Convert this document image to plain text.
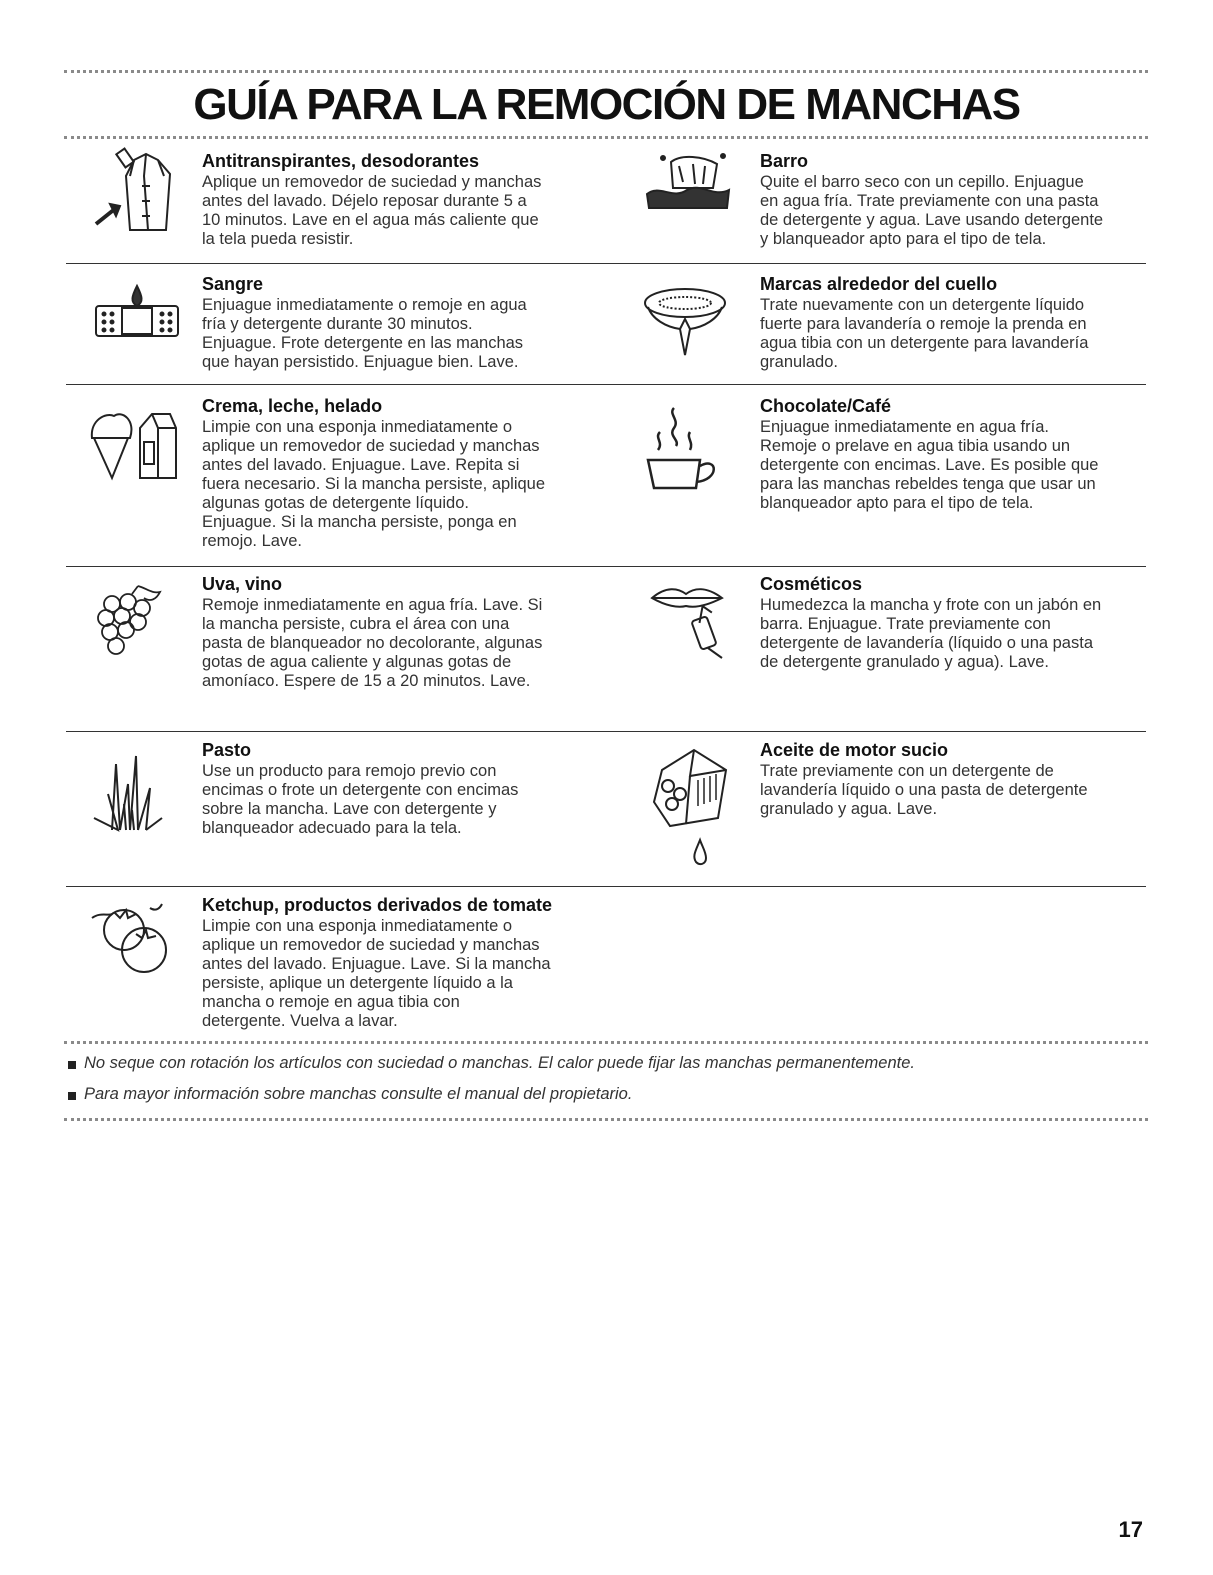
GUÍA PARA LA REMOCIÓN DE MANCHAS
Antitranspirantes, desodorantes

Aplique un removedor de suciedad y manchas
antes del lavado. Déjelo reposar durante 5 a
10 minutos. Lave en el agua más caliente que
la tela pueda resistir.

Barro

Quite el barro seco con un cepillo. Enjuague
en agua fría. Trate previamente con una pasta
de detergente y agua. Lave usando detergente
y blanqueador apto para el tipo de tela.

Sangre

Enjuague inmediatamente o remoje en agua
fría y detergente durante 30 minutos.
Enjuague. Frote detergente en las manchas
que hayan persistido. Enjuague bien. Lave.

Marcas alrededor del cuello

Trate nuevamente con un detergente líquido
fuerte para lavandería o remoje la prenda en
agua tibia con un detergente para lavandería
granulado.

Crema, leche, helado

Limpie con una esponja inmediatamente o
aplique un removedor de suciedad y manchas
antes del lavado. Enjuague. Lave. Repita si
fuera necesario. Si la mancha persiste, aplique
algunas gotas de detergente líquido.
Enjuague. Si la mancha persiste, ponga en
remojo. Lave.

Chocolate/Café

Enjuague inmediatamente en agua fría.
Remoje o prelave en agua tibia usando un
detergente con encimas. Lave. Es posible que
para las manchas rebeldes tenga que usar un
blanqueador apto para el tipo de tela.

Uva, vino

Remoje inmediatamente en agua fría. Lave. Si
la mancha persiste, cubra el área con una
pasta de blanqueador no decolorante, algunas
gotas de agua caliente y algunas gotas de
amoníaco. Espere de 15 a 20 minutos. Lave.

Cosméticos

Humedezca la mancha y frote con un jabón en
barra. Enjuague. Trate previamente con
detergente de lavandería (líquido o una pasta
de detergente granulado y agua). Lave.

Pasto

Use un producto para remojo previo con
encimas o frote un detergente con encimas
sobre la mancha. Lave con detergente y
blanqueador adecuado para la tela.

Aceite de motor sucio

Trate previamente con un detergente de
lavandería líquido o una pasta de detergente
granulado y agua. Lave.

Ketchup, productos derivados de tomate

Limpie con una esponja inmediatamente o
aplique un removedor de suciedad y manchas
antes del lavado. Enjuague. Lave. Si la mancha
persiste, aplique un detergente líquido a la
mancha o remoje en agua tibia con
detergente. Vuelva a lavar.

No seque con rotación los artículos con suciedad o manchas. El calor puede fijar las manchas permanentemente.
Para mayor información sobre manchas consulte el manual del propietario.
17
